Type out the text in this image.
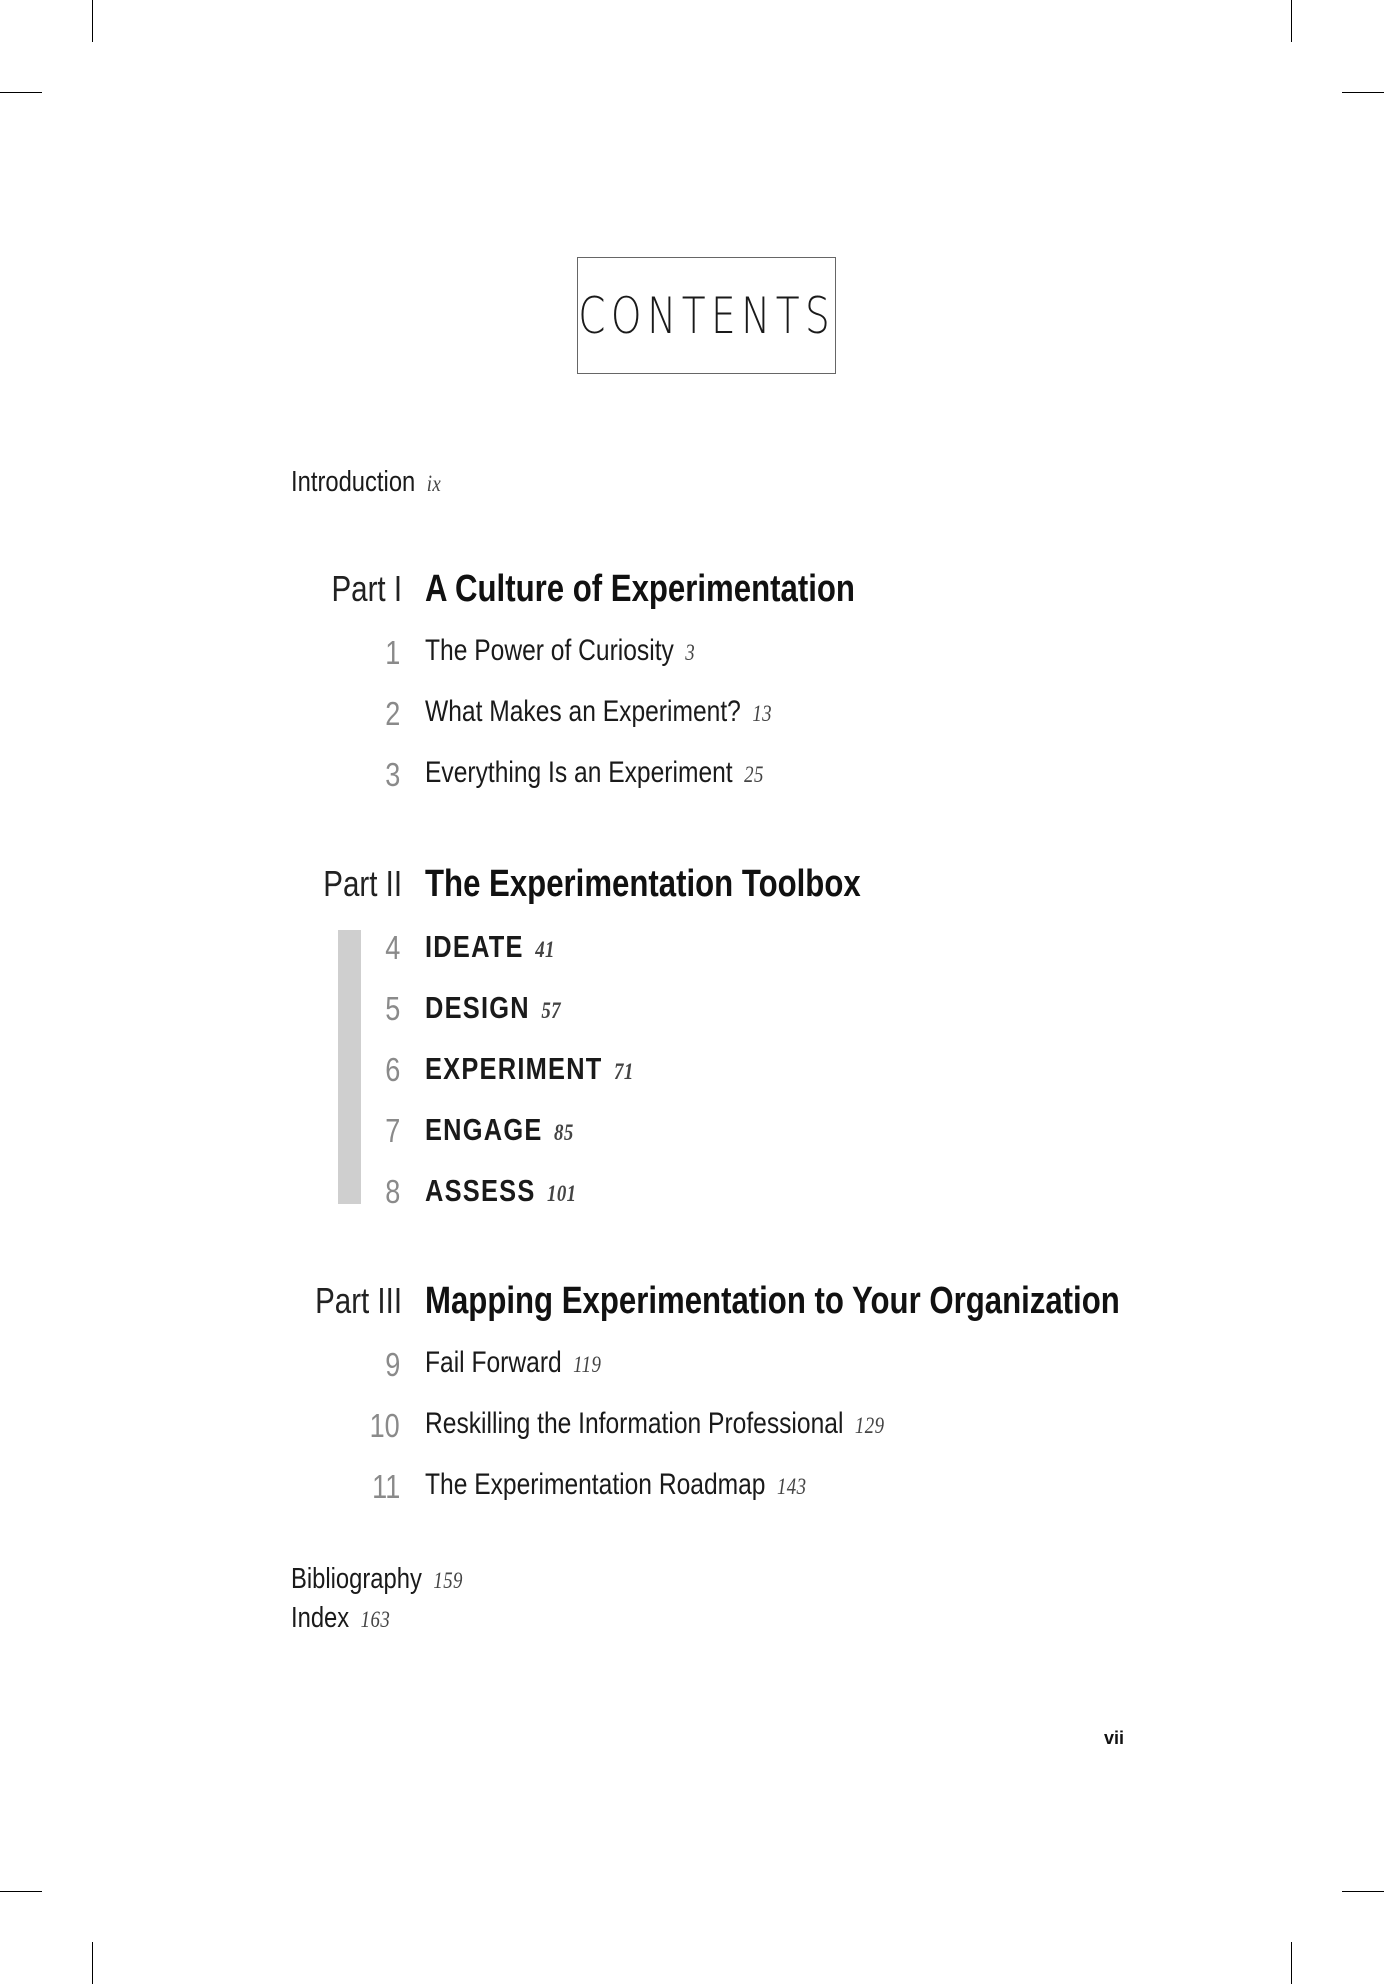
CONTENTS
Introduction ix
Part I A Culture of Experimentation
1 The Power of Curiosity 3
2 What Makes an Experiment? 13
3 Everything Is an Experiment 25
Part II The Experimentation Toolbox
4 IDEATE 41
5 DESIGN 57
6 EXPERIMENT 71
7 ENGAGE 85
8 ASSESS 101
Part III Mapping Experimentation to Your Organization
9 Fail Forward 119
10 Reskilling the Information Professional 129
11 The Experimentation Roadmap 143
Bibliography 159
Index 163
vii
